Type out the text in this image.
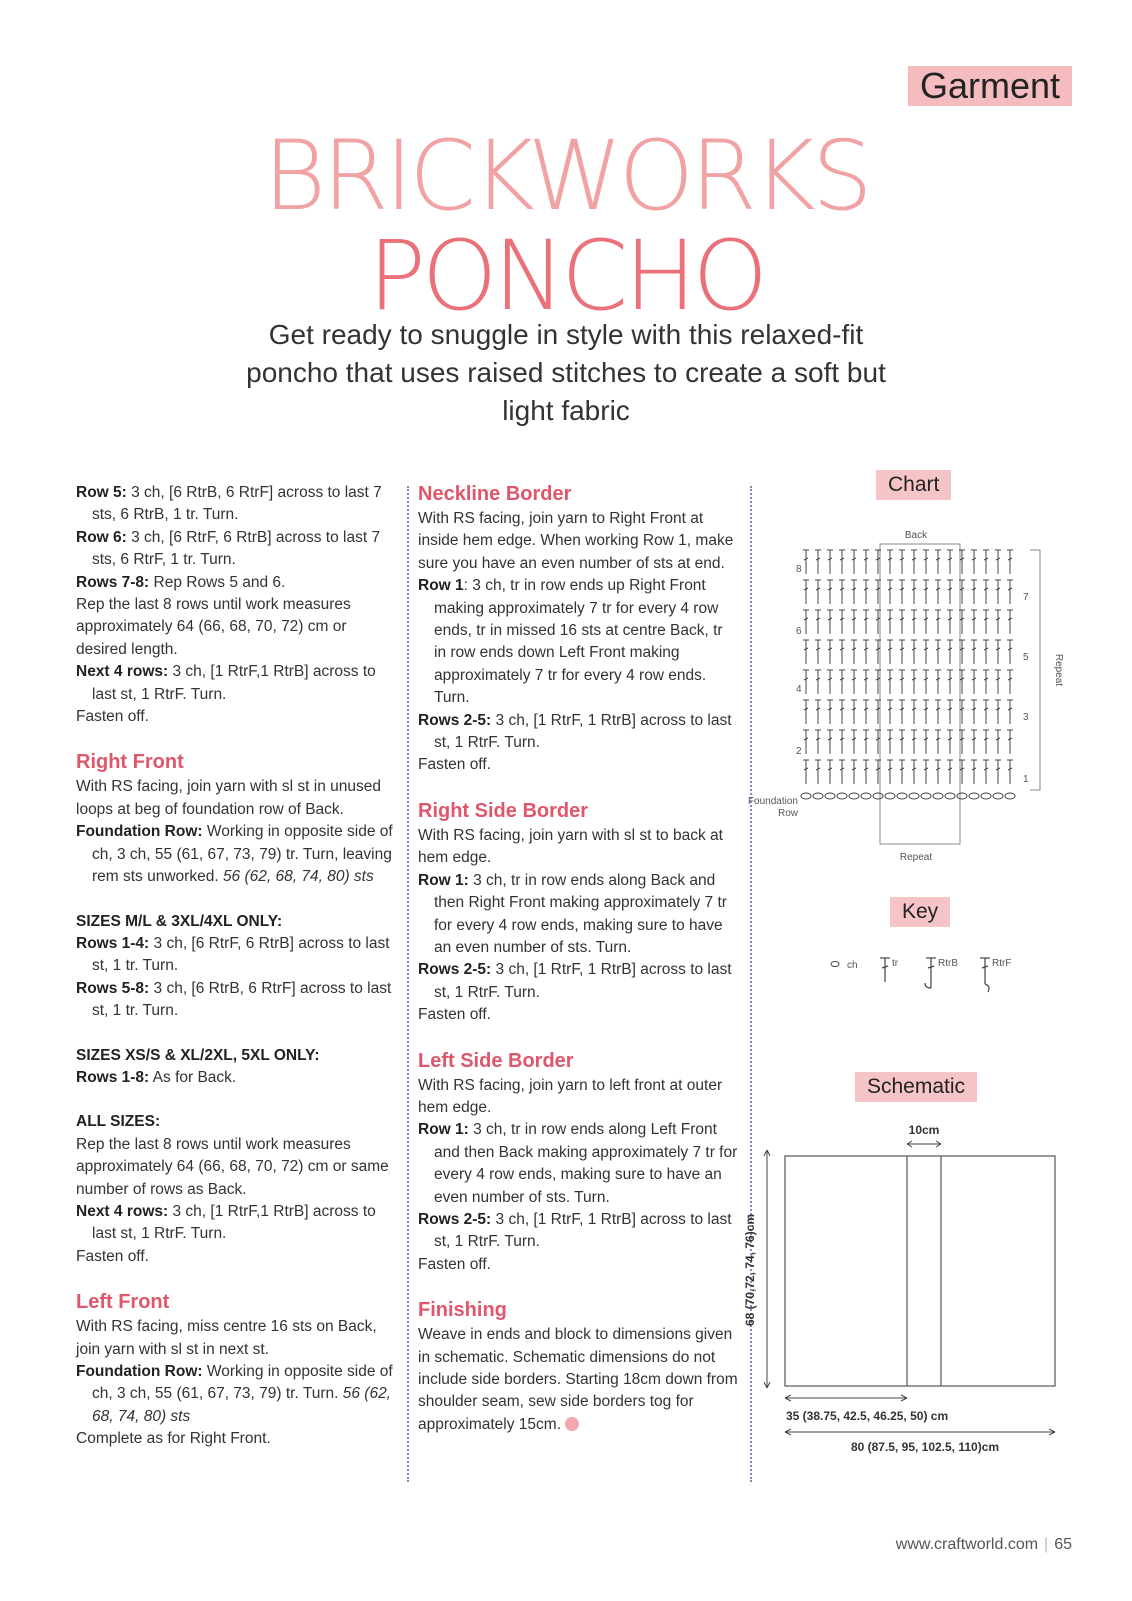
Garment
BRICKWORKS
PONCHO
Get ready to snuggle in style with this relaxed-fit poncho that uses raised stitches to create a soft but light fabric

Row 5: 3 ch, [6 RtrB, 6 RtrF] across to last 7 sts, 6 RtrB, 1 tr. Turn.

Row 6: 3 ch, [6 RtrF, 6 RtrB] across to last 7 sts, 6 RtrF, 1 tr. Turn.

Rows 7-8: Rep Rows 5 and 6.

Rep the last 8 rows until work measures approximately 64 (66, 68, 70, 72) cm or desired length.

Next 4 rows: 3 ch, [1 RtrF,1 RtrB] across to last st, 1 RtrF. Turn.

Fasten off.

Right Front

With RS facing, join yarn with sl st in unused loops at beg of foundation row of Back.

Foundation Row: Working in opposite side of ch, 3 ch, 55 (61, 67, 73, 79) tr. Turn, leaving rem sts unworked. 56 (62, 68, 74, 80) sts

SIZES M/L & 3XL/4XL ONLY:

Rows 1-4: 3 ch, [6 RtrF, 6 RtrB] across to last st, 1 tr. Turn.

Rows 5-8: 3 ch, [6 RtrB, 6 RtrF] across to last st, 1 tr. Turn.

SIZES XS/S & XL/2XL, 5XL ONLY:

Rows 1-8: As for Back.

ALL SIZES:

Rep the last 8 rows until work measures approximately 64 (66, 68, 70, 72) cm or same number of rows as Back.

Next 4 rows: 3 ch, [1 RtrF,1 RtrB] across to last st, 1 RtrF. Turn.

Fasten off.

Left Front

With RS facing, miss centre 16 sts on Back, join yarn with sl st in next st.

Foundation Row: Working in opposite side of ch, 3 ch, 55 (61, 67, 73, 79) tr. Turn. 56 (62, 68, 74, 80) sts

Complete as for Right Front.

Neckline Border

With RS facing, join yarn to Right Front at inside hem edge. When working Row 1, make sure you have an even number of sts at end.

Row 1: 3 ch, tr in row ends up Right Front making approximately 7 tr for every 4 row ends, tr in missed 16 sts at centre Back, tr in row ends down Left Front making approximately 7 tr for every 4 row ends. Turn.

Rows 2-5: 3 ch, [1 RtrF, 1 RtrB] across to last st, 1 RtrF. Turn.

Fasten off.

Right Side Border

With RS facing, join yarn with sl st to back at hem edge.

Row 1: 3 ch, tr in row ends along Back and then Right Front making approximately 7 tr for every 4 row ends, making sure to have an even number of sts. Turn.

Rows 2-5: 3 ch, [1 RtrF, 1 RtrB] across to last st, 1 RtrF. Turn.

Fasten off.

Left Side Border

With RS facing, join yarn to left front at outer hem edge.

Row 1: 3 ch, tr in row ends along Left Front and then Back making approximately 7 tr for every 4 row ends, making sure to have an even number of sts. Turn.

Rows 2-5: 3 ch, [1 RtrF, 1 RtrB] across to last st, 1 RtrF. Turn.

Fasten off.

Finishing

Weave in ends and block to dimensions given in schematic. Schematic dimensions do not include side borders. Starting 18cm down from shoulder seam, sew side borders tog for approximately 15cm.

Chart
Back
Foundation
Row
Repeat
Repeat
8
6
4
2
7
5
3
1
Key
ch	tr	RtrB	RtrF
Schematic
10cm
68 (70,72, 74, 76)cm
35 (38.75, 42.5, 46.25, 50) cm
80 (87.5, 95, 102.5, 110)cm
www.craftworld.com | 65
